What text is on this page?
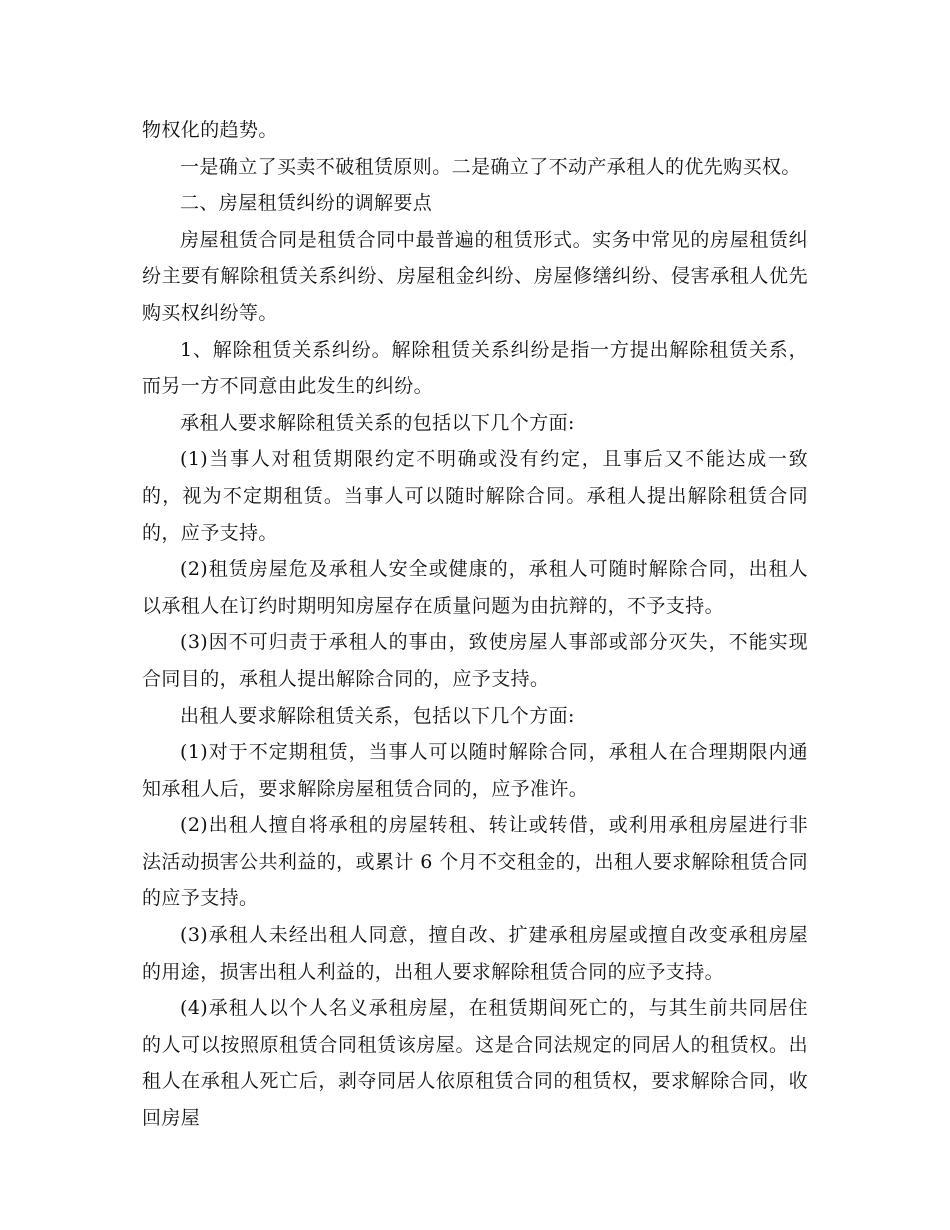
物权化的趋势。

一是确立了买卖不破租赁原则。二是确立了不动产承租人的优先购买权。

二、房屋租赁纠纷的调解要点

房屋租赁合同是租赁合同中最普遍的租赁形式。实务中常见的房屋租赁纠纷主要有解除租赁关系纠纷、房屋租金纠纷、房屋修缮纠纷、侵害承租人优先购买权纠纷等。

1、解除租赁关系纠纷。解除租赁关系纠纷是指一方提出解除租赁关系，而另一方不同意由此发生的纠纷。

承租人要求解除租赁关系的包括以下几个方面:

(1)当事人对租赁期限约定不明确或没有约定，且事后又不能达成一致的，视为不定期租赁。当事人可以随时解除合同。承租人提出解除租赁合同的，应予支持。

(2)租赁房屋危及承租人安全或健康的，承租人可随时解除合同，出租人以承租人在订约时期明知房屋存在质量问题为由抗辩的，不予支持。

(3)因不可归责于承租人的事由，致使房屋人事部或部分灭失，不能实现合同目的，承租人提出解除合同的，应予支持。

出租人要求解除租赁关系，包括以下几个方面:

(1)对于不定期租赁，当事人可以随时解除合同，承租人在合理期限内通知承租人后，要求解除房屋租赁合同的，应予准许。

(2)出租人擅自将承租的房屋转租、转让或转借，或利用承租房屋进行非法活动损害公共利益的，或累计 6 个月不交租金的，出租人要求解除租赁合同的应予支持。

(3)承租人未经出租人同意，擅自改、扩建承租房屋或擅自改变承租房屋的用途，损害出租人利益的，出租人要求解除租赁合同的应予支持。

(4)承租人以个人名义承租房屋，在租赁期间死亡的，与其生前共同居住的人可以按照原租赁合同租赁该房屋。这是合同法规定的同居人的租赁权。出租人在承租人死亡后，剥夺同居人依原租赁合同的租赁权，要求解除合同，收回房屋
